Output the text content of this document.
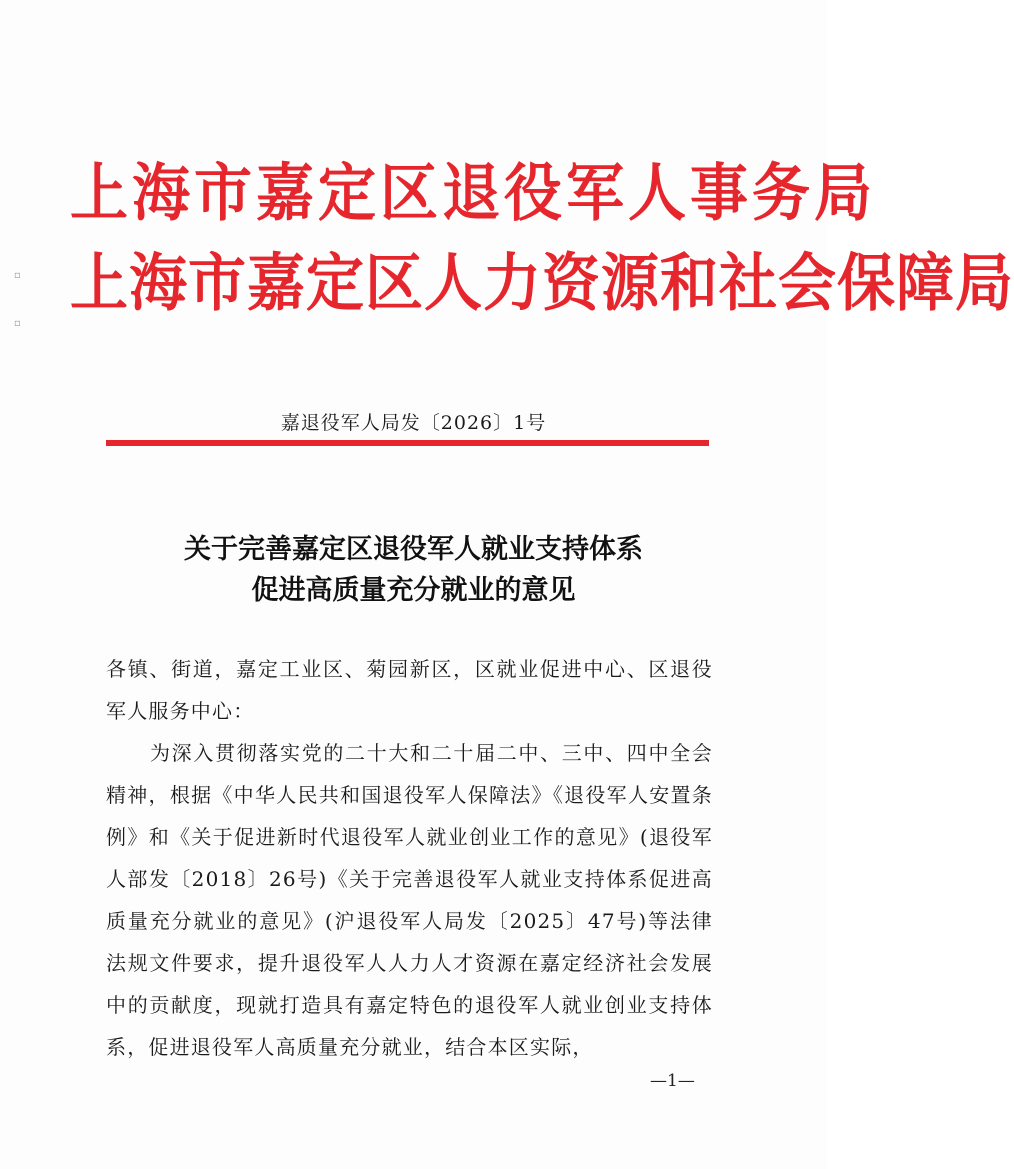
▫
▫
上海市嘉定区退役军人事务局
上海市嘉定区人力资源和社会保障局
嘉退役军人局发〔2026〕1号
关于完善嘉定区退役军人就业支持体系
促进高质量充分就业的意见

各镇、街道，嘉定工业区、菊园新区，区就业促进中心、区退役军人服务中心：

为深入贯彻落实党的二十大和二十届二中、三中、四中全会精神，根据《中华人民共和国退役军人保障法》《退役军人安置条例》和《关于促进新时代退役军人就业创业工作的意见》(退役军人部发〔2018〕26号)《关于完善退役军人就业支持体系促进高质量充分就业的意见》(沪退役军人局发〔2025〕47号)等法律法规文件要求，提升退役军人人力人才资源在嘉定经济社会发展中的贡献度，现就打造具有嘉定特色的退役军人就业创业支持体系，促进退役军人高质量充分就业，结合本区实际，

—1—
